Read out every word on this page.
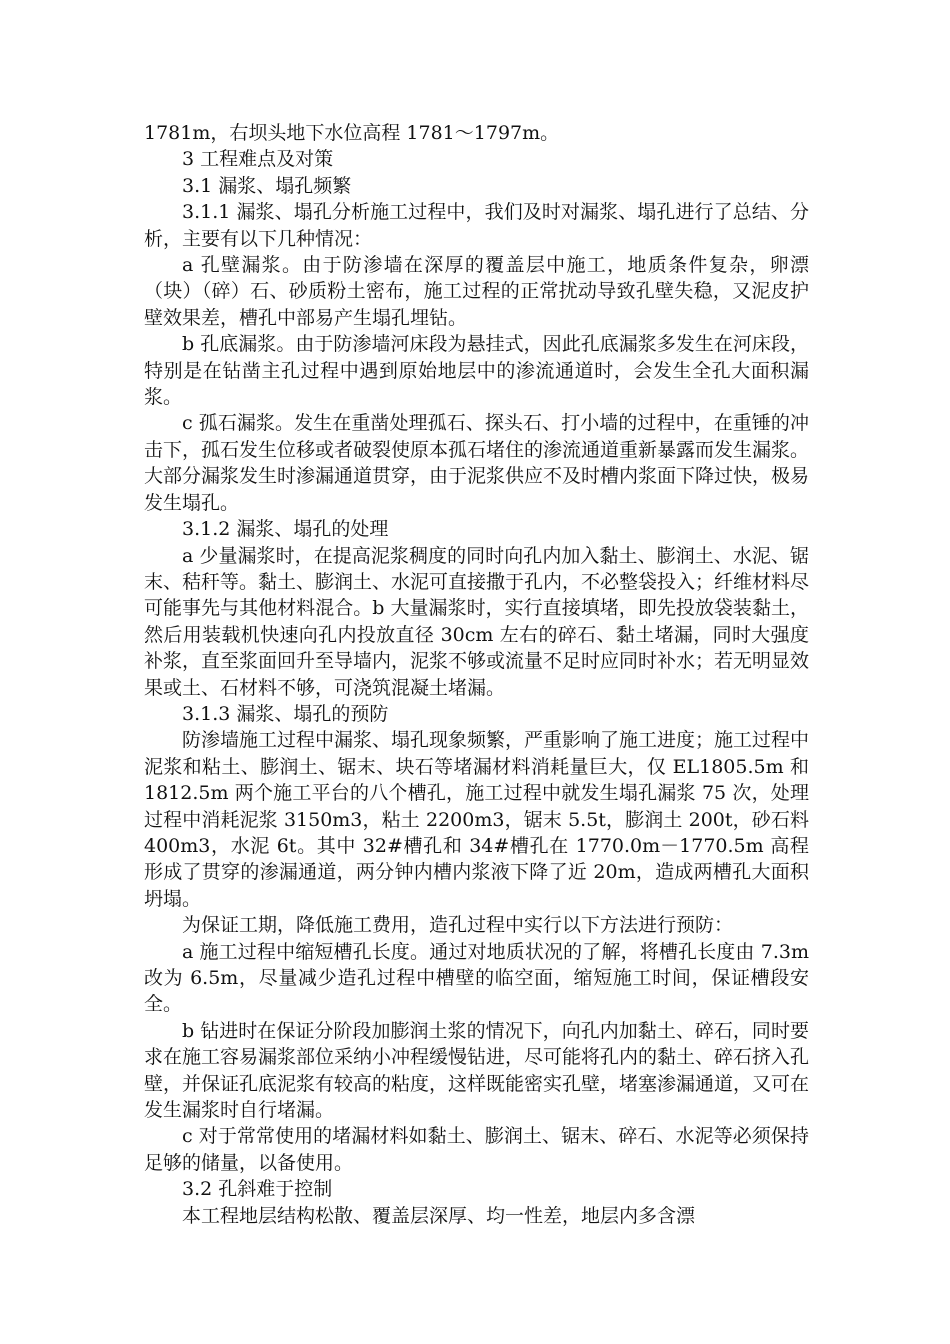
1781m，右坝头地下水位高程 1781～1797m。

3 工程难点及对策

3.1 漏浆、塌孔频繁

3.1.1 漏浆、塌孔分析施工过程中，我们及时对漏浆、塌孔进行了总结、分析，主要有以下几种情况：

a 孔壁漏浆。由于防渗墙在深厚的覆盖层中施工，地质条件复杂，卵漂（块）（碎）石、砂质粉土密布，施工过程的正常扰动导致孔壁失稳，又泥皮护壁效果差，槽孔中部易产生塌孔埋钻。

b 孔底漏浆。由于防渗墙河床段为悬挂式，因此孔底漏浆多发生在河床段，特别是在钻凿主孔过程中遇到原始地层中的渗流通道时，会发生全孔大面积漏浆。

c 孤石漏浆。发生在重凿处理孤石、探头石、打小墙的过程中，在重锤的冲击下，孤石发生位移或者破裂使原本孤石堵住的渗流通道重新暴露而发生漏浆。大部分漏浆发生时渗漏通道贯穿，由于泥浆供应不及时槽内浆面下降过快，极易发生塌孔。

3.1.2 漏浆、塌孔的处理

a 少量漏浆时，在提高泥浆稠度的同时向孔内加入黏土、膨润土、水泥、锯末、秸秆等。黏土、膨润土、水泥可直接撒于孔内，不必整袋投入；纤维材料尽可能事先与其他材料混合。b 大量漏浆时，实行直接填堵，即先投放袋装黏土，然后用装载机快速向孔内投放直径 30cm 左右的碎石、黏土堵漏，同时大强度补浆，直至浆面回升至导墙内，泥浆不够或流量不足时应同时补水；若无明显效果或土、石材料不够，可浇筑混凝土堵漏。

3.1.3 漏浆、塌孔的预防

防渗墙施工过程中漏浆、塌孔现象频繁，严重影响了施工进度；施工过程中泥浆和粘土、膨润土、锯末、块石等堵漏材料消耗量巨大，仅 EL1805.5m 和 1812.5m 两个施工平台的八个槽孔，施工过程中就发生塌孔漏浆 75 次，处理过程中消耗泥浆 3150m3，粘土 2200m3，锯末 5.5t，膨润土 200t，砂石料 400m3，水泥 6t。其中 32#槽孔和 34#槽孔在 1770.0m－1770.5m 高程形成了贯穿的渗漏通道，两分钟内槽内浆液下降了近 20m，造成两槽孔大面积坍塌。

为保证工期，降低施工费用，造孔过程中实行以下方法进行预防：

a 施工过程中缩短槽孔长度。通过对地质状况的了解，将槽孔长度由 7.3m 改为 6.5m，尽量减少造孔过程中槽壁的临空面，缩短施工时间，保证槽段安全。

b 钻进时在保证分阶段加膨润土浆的情况下，向孔内加黏土、碎石，同时要求在施工容易漏浆部位采纳小冲程缓慢钻进，尽可能将孔内的黏土、碎石挤入孔壁，并保证孔底泥浆有较高的粘度，这样既能密实孔壁，堵塞渗漏通道，又可在发生漏浆时自行堵漏。

c 对于常常使用的堵漏材料如黏土、膨润土、锯末、碎石、水泥等必须保持足够的储量，以备使用。

3.2 孔斜难于控制

本工程地层结构松散、覆盖层深厚、均一性差，地层内多含漂
